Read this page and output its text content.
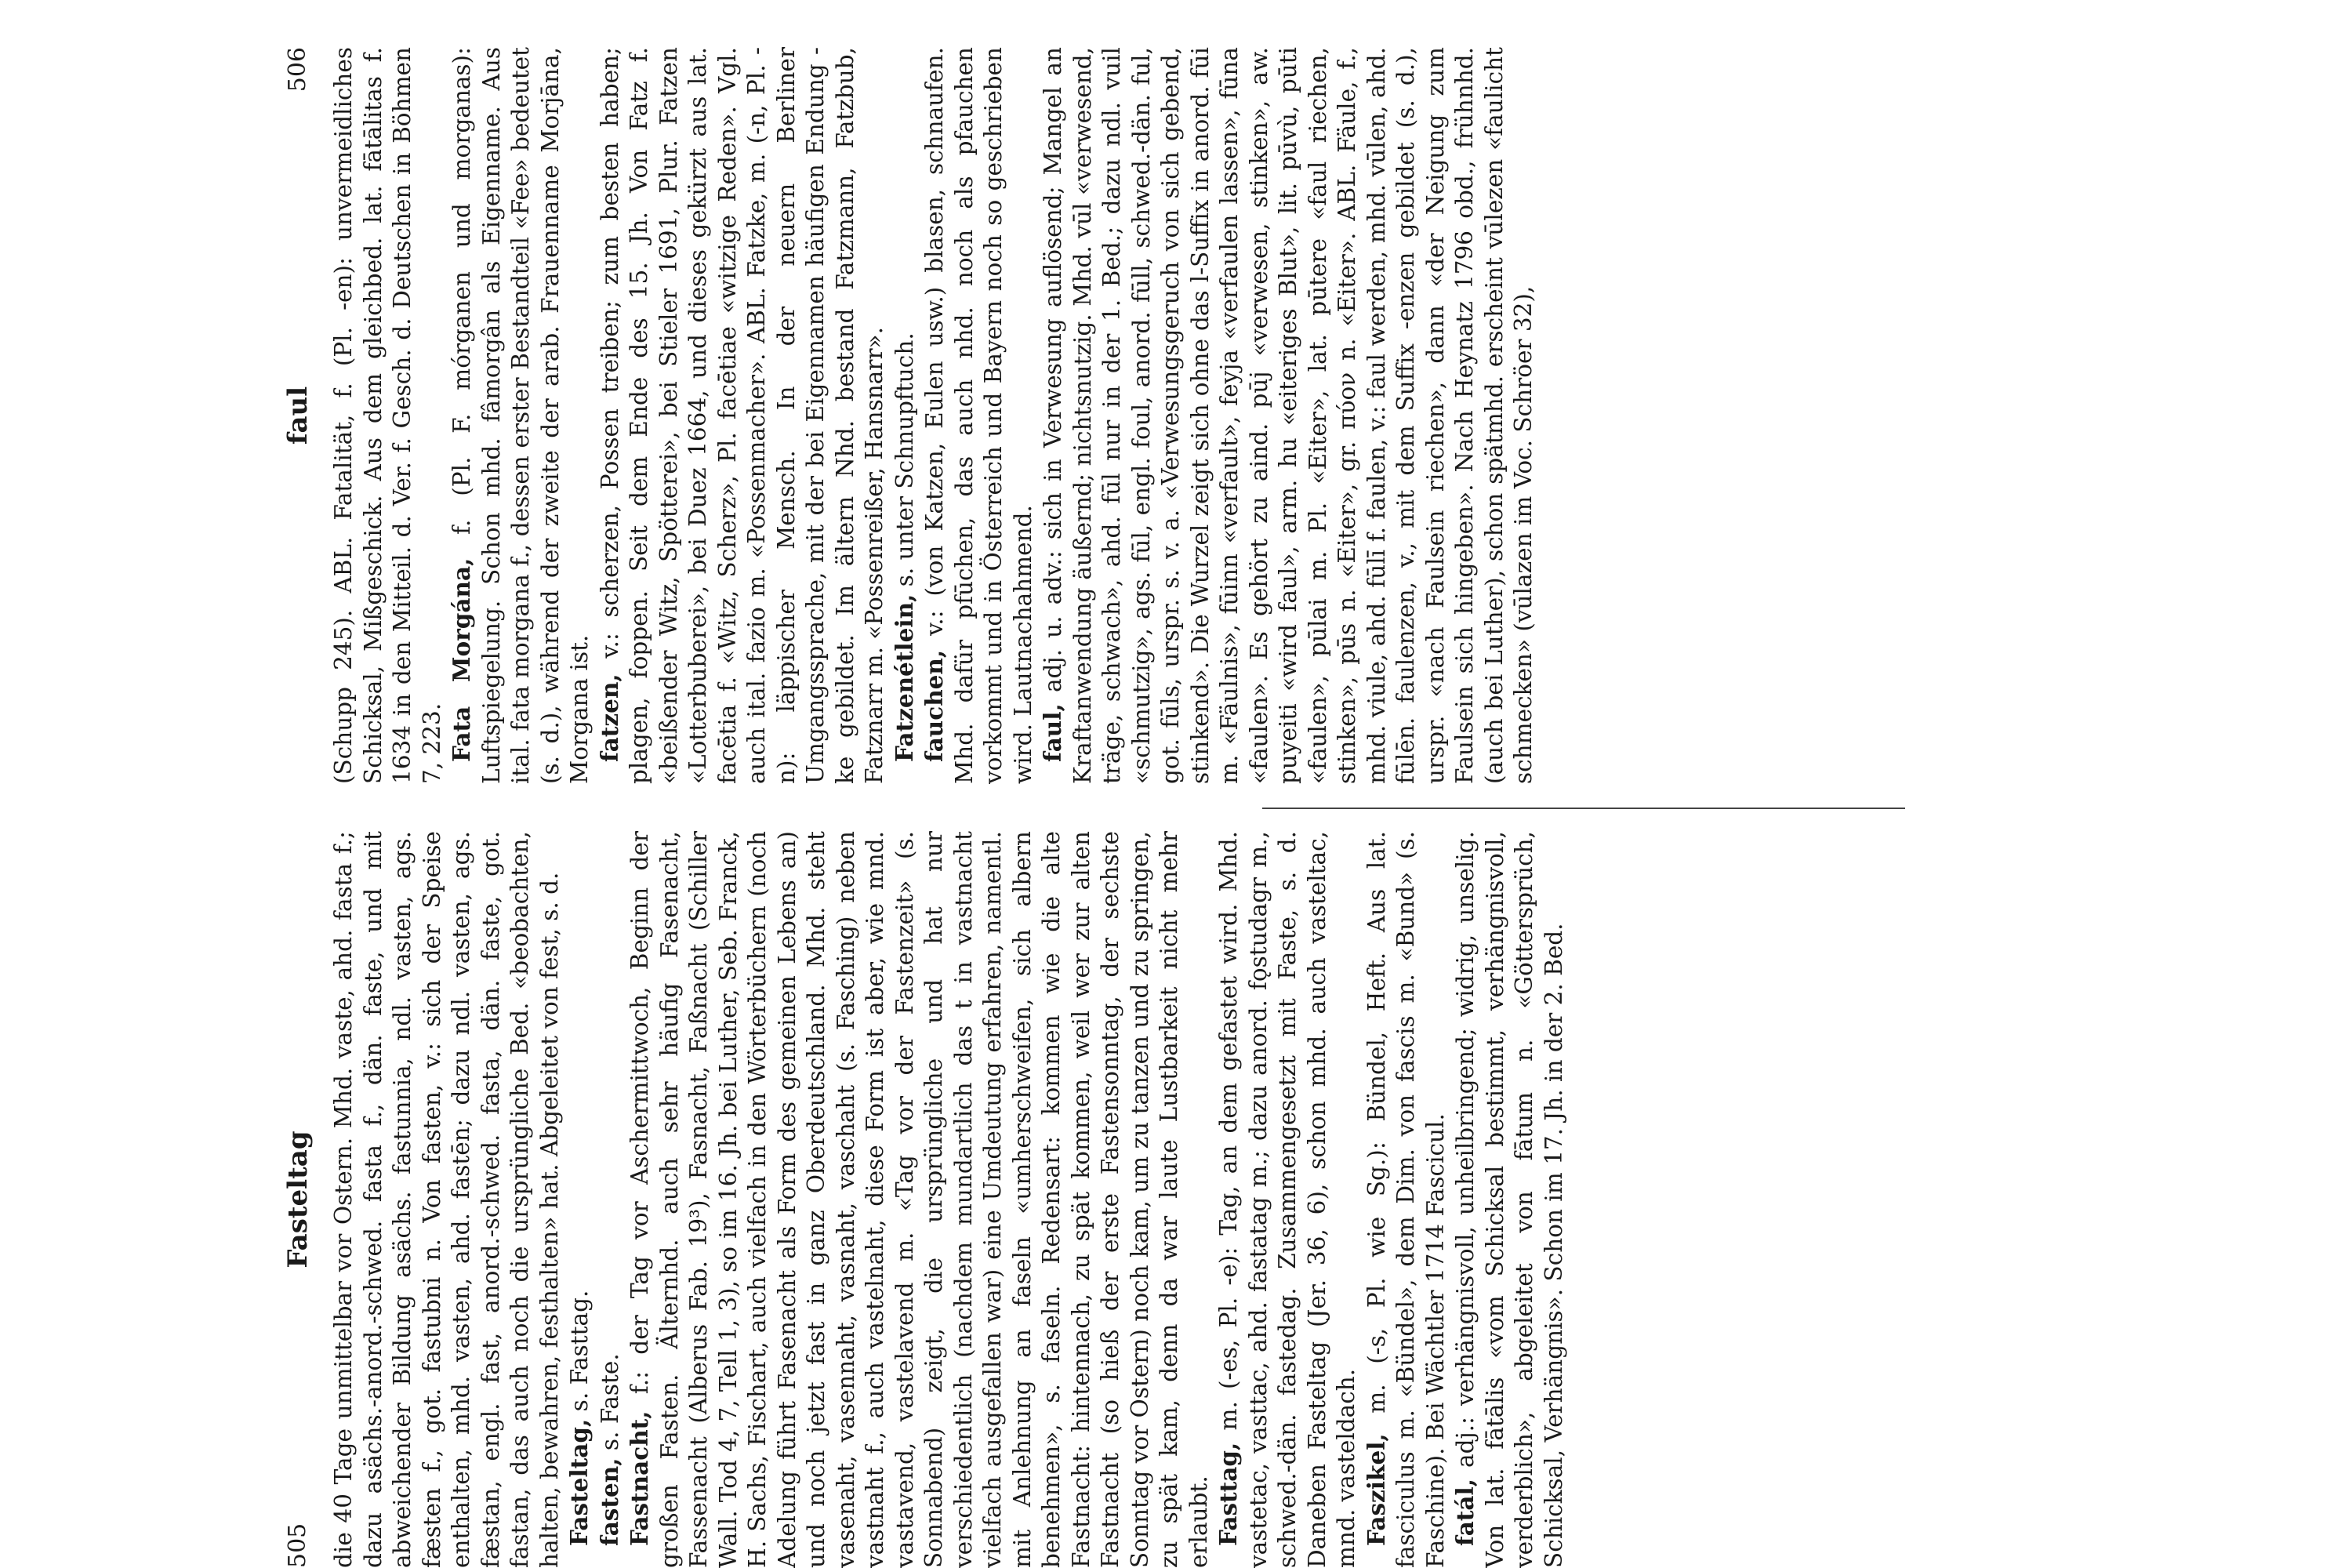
505
Fasteltag die 40 Tage unmittelbar vor Ostern. Mhd. vaste, ahd. fasta f.; dazu asächs.-anord.-schwed. fasta f., dän. faste, und mit abweichender Bildung asächs. fastunnia, ndl. vasten, ags. fæsten f., got. fastubni n. Von fasten, v.: sich der Speise enthalten, mhd. vasten, ahd. fastēn; dazu ndl. vasten, ags. fæstan, engl. fast, anord.-schwed. fasta, dän. faste, got. fastan, das auch noch die ursprüngliche Bed. «beobachten, halten, bewahren, festhalten» hat. Abgeleitet von fest, s. d. Fasteltag, s. Fasttag.

fasten, s. Faste.

Fastnacht, f.: der Tag vor Aschermittwoch, Beginn der großen Fasten. Älternhd. auch sehr häufig Fasenacht, Fassenacht (Alberus Fab. 19³), Fasnacht, Faßnacht (Schiller Wall. Tod 4, 7, Tell 1, 3), so im 16. Jh. bei Luther, Seb. Franck, H. Sachs, Fischart, auch vielfach in den Wörterbüchern (noch Adelung führt Fasenacht als Form des gemeinen Lebens an) und noch jetzt fast in ganz Oberdeutschland. Mhd. steht vasenaht, vasennaht, vasnaht, vaschaht (s. Fasching) neben vastnaht f., auch vastelnaht, diese Form ist aber, wie mnd. vastavend, vastelavend m. «Tag vor der Fastenzeit» (s. Sonnabend) zeigt, die ursprüngliche und hat nur verschiedentlich (nachdem mundartlich das t in vastnacht vielfach ausgefallen war) eine Umdeutung erfahren, namentl. mit Anlehnung an faseln «umherschweifen, sich albern benehmen», s. faseln. Redensart: kommen wie die alte Fastnacht: hintennach, zu spät kommen, weil wer zur alten Fastnacht (so hieß der erste Fastensonntag, der sechste Sonntag vor Ostern) noch kam, um zu tanzen und zu springen, zu spät kam, denn da war laute Lustbarkeit nicht mehr erlaubt. Fasttag, m. (-es, Pl. -e): Tag, an dem gefastet wird. Mhd. vastetac, vasttac, ahd. fastatag m.; dazu anord. fǫstudagr m., schwed.-dän. fastedag. Zusammengesetzt mit Faste, s. d. Daneben Fasteltag (Jer. 36, 6), schon mhd. auch vasteltac, mnd. vasteldach. Faszikel, m. (-s, Pl. wie Sg.): Bündel, Heft. Aus lat. fasciculus m. «Bündel», dem Dim. von fascis m. «Bund» (s. Faschine). Bei Wächtler 1714 Fascicul. fatál, adj.: verhängnisvoll, unheilbringend; widrig, unselig. Von lat. fātālis «vom Schicksal bestimmt, verhängnisvoll, verderblich», abgeleitet von fātum n. «Göttersprüch, Schicksal, Verhängnis». Schon im 17. Jh. in der 2. Bed.

faul
506 (Schupp 245). ABL. Fatalität, f. (Pl. -en): unvermeidliches Schicksal, Mißgeschick. Aus dem gleichbed. lat. fātālitas f. 1634 in den Mitteil. d. Ver. f. Gesch. d. Deutschen in Böhmen 7, 223. Fata Morgána, f. (Pl. F. mórganen und morganas): Luftspiegelung. Schon mhd. fâmorgân als Eigenname. Aus ital. fata morgana f., dessen erster Bestandteil «Fee» bedeutet (s. d.), während der zweite der arab. Frauenname Morjāna, Morgana ist. fatzen, v.: scherzen, Possen treiben; zum besten haben; plagen, foppen. Seit dem Ende des 15. Jh. Von Fatz f. «beißender Witz, Spötterei», bei Stieler 1691, Plur. Fatzen «Lotterbuberei», bei Duez 1664, und dieses gekürzt aus lat. facētia f. «Witz, Scherz», Pl. facētiae «witzige Reden». Vgl. auch ital. fazio m. «Possenmacher». ABL. Fatzke, m. (-n, Pl. -n): läppischer Mensch. In der neuern Berliner Umgangssprache, mit der bei Eigennamen häufigen Endung -ke gebildet. Im ältern Nhd. bestand Fatzmann, Fatzbub, Fatznarr m. «Possenreißer, Hansnarr». Fatzenétlein, s. unter Schnupftuch.

fauchen, v.: (von Katzen, Eulen usw.) blasen, schnaufen. Mhd. dafür pfūchen, das auch nhd. noch als pfauchen vorkommt und in Österreich und Bayern noch so geschrieben wird. Lautnachahmend. faul, adj. u. adv.: sich in Verwesung auflösend; Mangel an Kraftanwendung äußernd; nichtsnutzig. Mhd. vūl «verwesend, träge, schwach», ahd. fūl nur in der 1. Bed.; dazu ndl. vuil «schmutzig», ags. fūl, engl. foul, anord. fūll, schwed.-dän. ful, got. fūls, urspr. s. v. a. «Verwesungsgeruch von sich gebend, stinkend». Die Wurzel zeigt sich ohne das l-Suffix in anord. fūi m. «Fäulnis», fūinn «verfault», feyja «verfaulen lassen», fūna «faulen». Es gehört zu aind. pūj «verwesen, stinken», aw. puyeiti «wird faul», arm. hu «eiteriges Blut», lit. pūvù, pūti «faulen», pūlai m. Pl. «Eiter», lat. pūtere «faul riechen, stinken», pūs n. «Eiter», gr. πύον n. «Eiter». ABL. Fäule, f., mhd. viule, ahd. fūlī f. faulen, v.: faul werden, mhd. vūlen, ahd. fūlēn. faulenzen, v., mit dem Suffix -enzen gebildet (s. d.), urspr. «nach Faulsein riechen», dann «der Neigung zum Faulsein sich hingeben». Nach Heynatz 1796 obd., frühnhd. (auch bei Luther), schon spätmhd. erscheint vūlezen «faulicht schmecken» (vūlazen im Voc. Schröer 32),
